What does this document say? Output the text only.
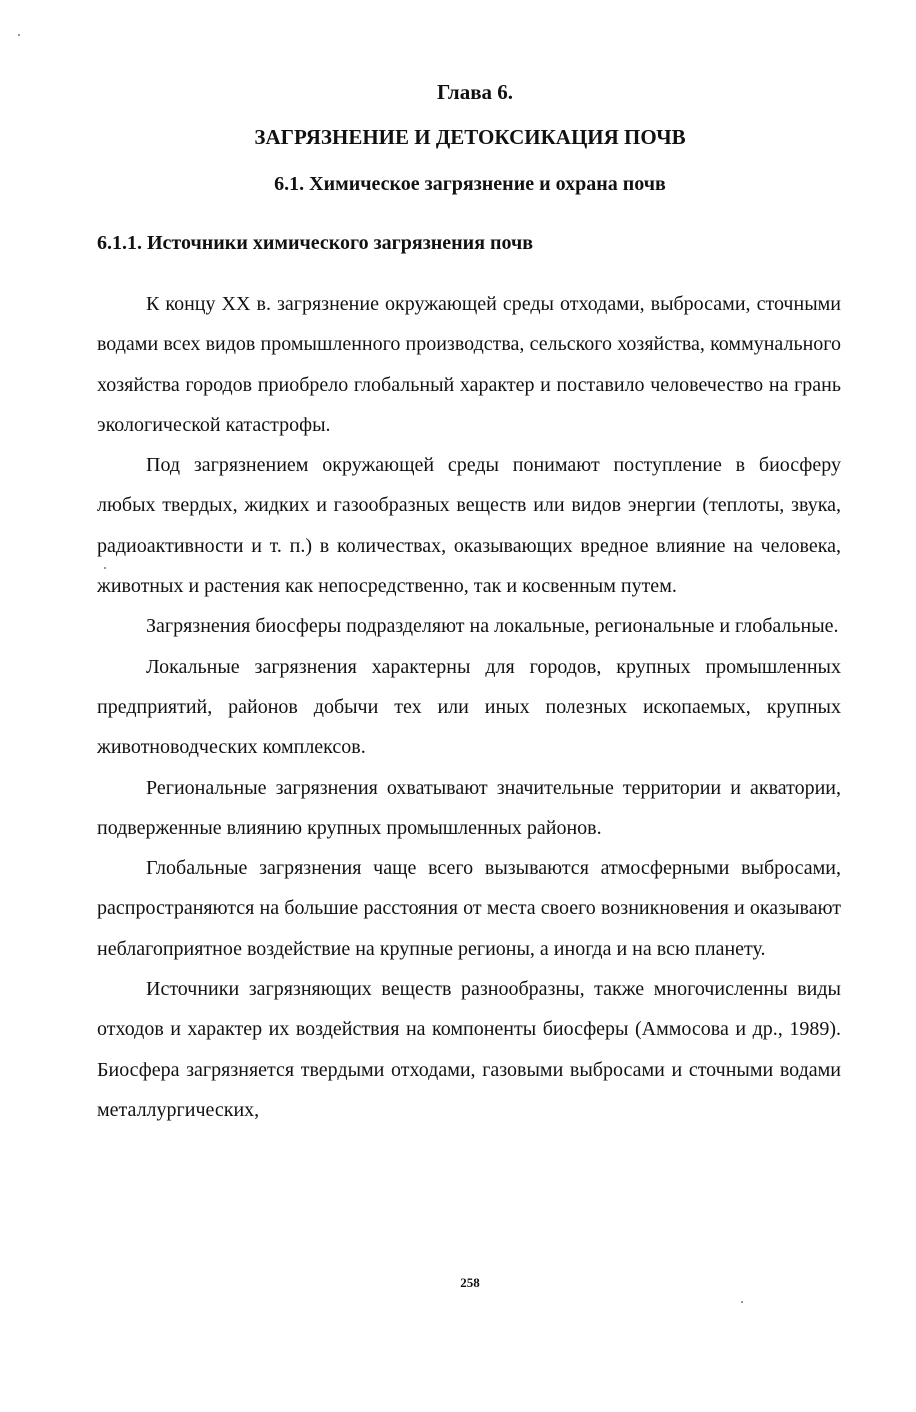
Глава 6.
ЗАГРЯЗНЕНИЕ И ДЕТОКСИКАЦИЯ ПОЧВ
6.1. Химическое загрязнение и охрана почв
6.1.1. Источники химического загрязнения почв

К концу XX в. загрязнение окружающей среды отходами, выбросами, сточными водами всех видов промышленного производства, сельского хозяйства, коммунального хозяйства городов приобрело глобальный характер и поставило человечество на грань экологической катастрофы.

Под загрязнением окружающей среды понимают поступление в биосферу любых твердых, жидких и газообразных веществ или видов энергии (теплоты, звука, радиоактивности и т. п.) в количествах, оказывающих вредное влияние на человека, животных и растения как непосредственно, так и косвенным путем.

Загрязнения биосферы подразделяют на локальные, региональные и глобальные.

Локальные загрязнения характерны для городов, крупных промышленных предприятий, районов добычи тех или иных полезных ископаемых, крупных животноводческих комплексов.

Региональные загрязнения охватывают значительные территории и акватории, подверженные влиянию крупных промышленных районов.

Глобальные загрязнения чаще всего вызываются атмосферными выбросами, распространяются на большие расстояния от места своего возникновения и оказывают неблагоприятное воздействие на крупные регионы, а иногда и на всю планету.

Источники загрязняющих веществ разнообразны, также многочисленны виды отходов и характер их воздействия на компоненты биосферы (Аммосова и др., 1989). Биосфера загрязняется твердыми отходами, газовыми выбросами и сточными водами металлургических,

258
